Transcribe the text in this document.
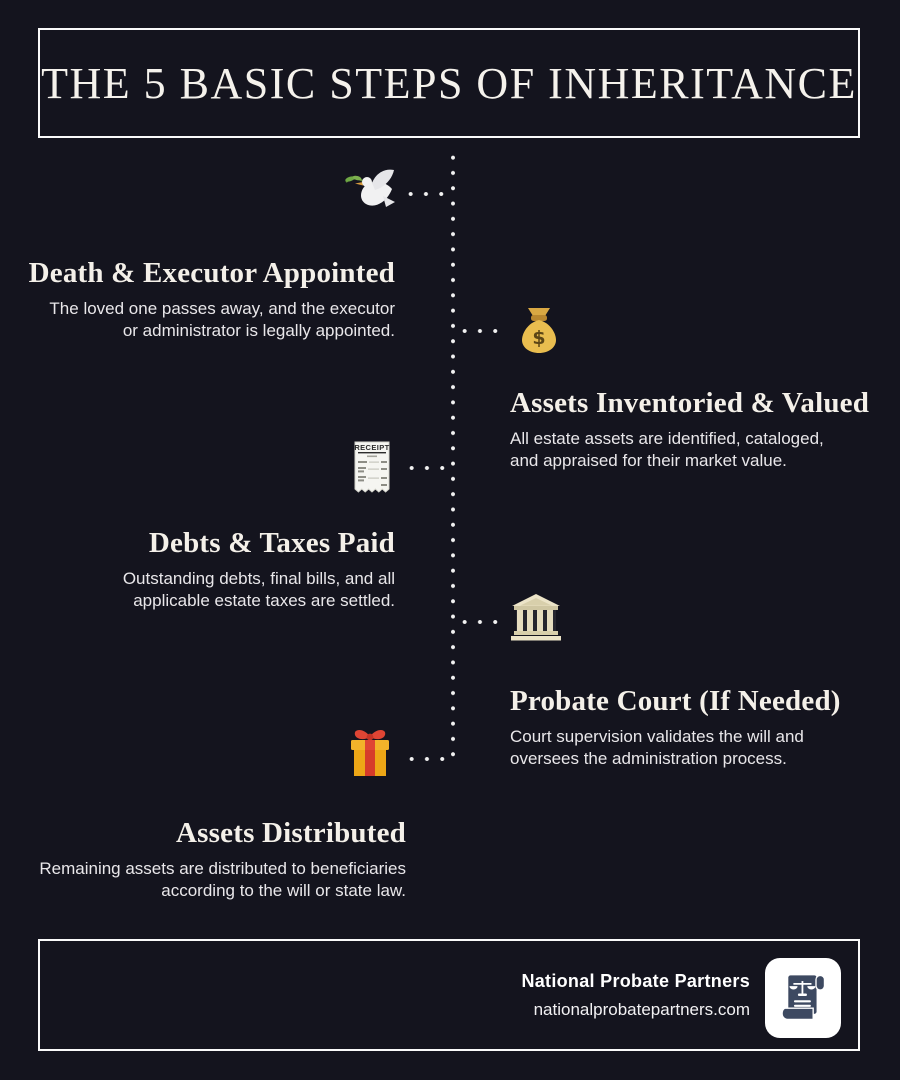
THE 5 BASIC STEPS OF INHERITANCE
$
RECEIPT
Death & Executor Appointed
The loved one passes away, and the executor
or administrator is legally appointed.
Assets Inventoried & Valued
All estate assets are identified, cataloged,
and appraised for their market value.
Debts & Taxes Paid
Outstanding debts, final bills, and all
applicable estate taxes are settled.
Probate Court (If Needed)
Court supervision validates the will and
oversees the administration process.
Assets Distributed
Remaining assets are distributed to beneficiaries
according to the will or state law.
National Probate Partners
nationalprobatepartners.com
